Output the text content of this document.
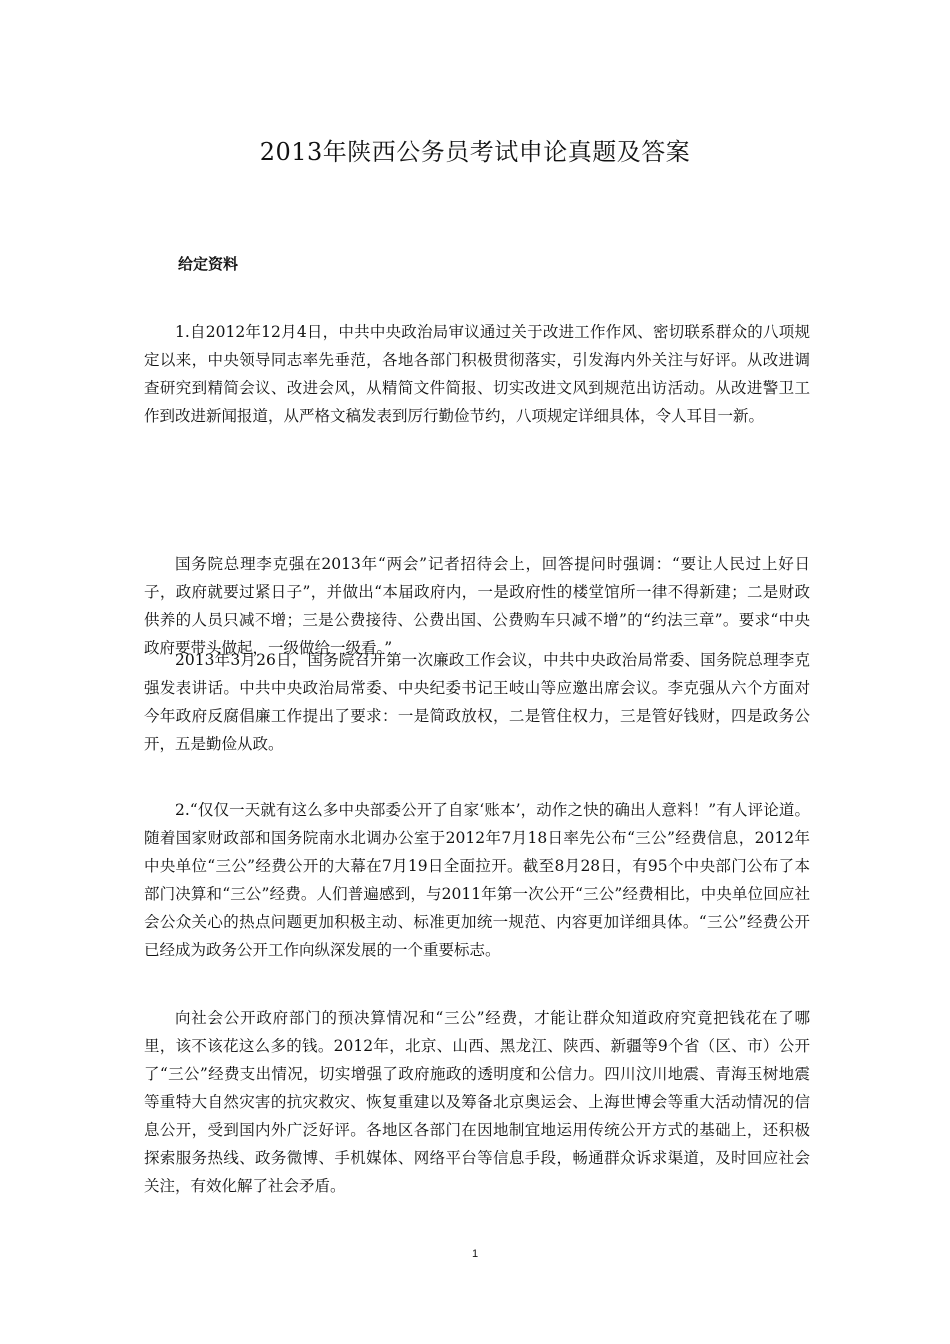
2013年陕西公务员考试申论真题及答案
给定资料

1.自2012年12月4日，中共中央政治局审议通过关于改进工作作风、密切联系群众的八项规定以来，中央领导同志率先垂范，各地各部门积极贯彻落实，引发海内外关注与好评。从改进调查研究到精简会议、改进会风，从精简文件简报、切实改进文风到规范出访活动。从改进警卫工作到改进新闻报道，从严格文稿发表到厉行勤俭节约，八项规定详细具体，令人耳目一新。

国务院总理李克强在2013年“两会”记者招待会上，回答提问时强调：“要让人民过上好日子，政府就要过紧日子”，并做出“本届政府内，一是政府性的楼堂馆所一律不得新建；二是财政供养的人员只减不增；三是公费接待、公费出国、公费购车只减不增”的“约法三章”。要求“中央政府要带头做起，一级做给一级看。”

2013年3月26日，国务院召开第一次廉政工作会议，中共中央政治局常委、国务院总理李克强发表讲话。中共中央政治局常委、中央纪委书记王岐山等应邀出席会议。李克强从六个方面对今年政府反腐倡廉工作提出了要求：一是简政放权，二是管住权力，三是管好钱财，四是政务公开，五是勤俭从政。

2.“仅仅一天就有这么多中央部委公开了自家‘账本’，动作之快的确出人意料！”有人评论道。随着国家财政部和国务院南水北调办公室于2012年7月18日率先公布“三公”经费信息，2012年中央单位“三公”经费公开的大幕在7月19日全面拉开。截至8月28日，有95个中央部门公布了本部门决算和“三公”经费。人们普遍感到，与2011年第一次公开“三公”经费相比，中央单位回应社会公众关心的热点问题更加积极主动、标准更加统一规范、内容更加详细具体。“三公”经费公开已经成为政务公开工作向纵深发展的一个重要标志。

向社会公开政府部门的预决算情况和“三公”经费，才能让群众知道政府究竟把钱花在了哪里，该不该花这么多的钱。2012年，北京、山西、黑龙江、陕西、新疆等9个省（区、市）公开了“三公”经费支出情况，切实增强了政府施政的透明度和公信力。四川汶川地震、青海玉树地震等重特大自然灾害的抗灾救灾、恢复重建以及筹备北京奥运会、上海世博会等重大活动情况的信息公开，受到国内外广泛好评。各地区各部门在因地制宜地运用传统公开方式的基础上，还积极探索服务热线、政务微博、手机媒体、网络平台等信息手段，畅通群众诉求渠道，及时回应社会关注，有效化解了社会矛盾。

1
